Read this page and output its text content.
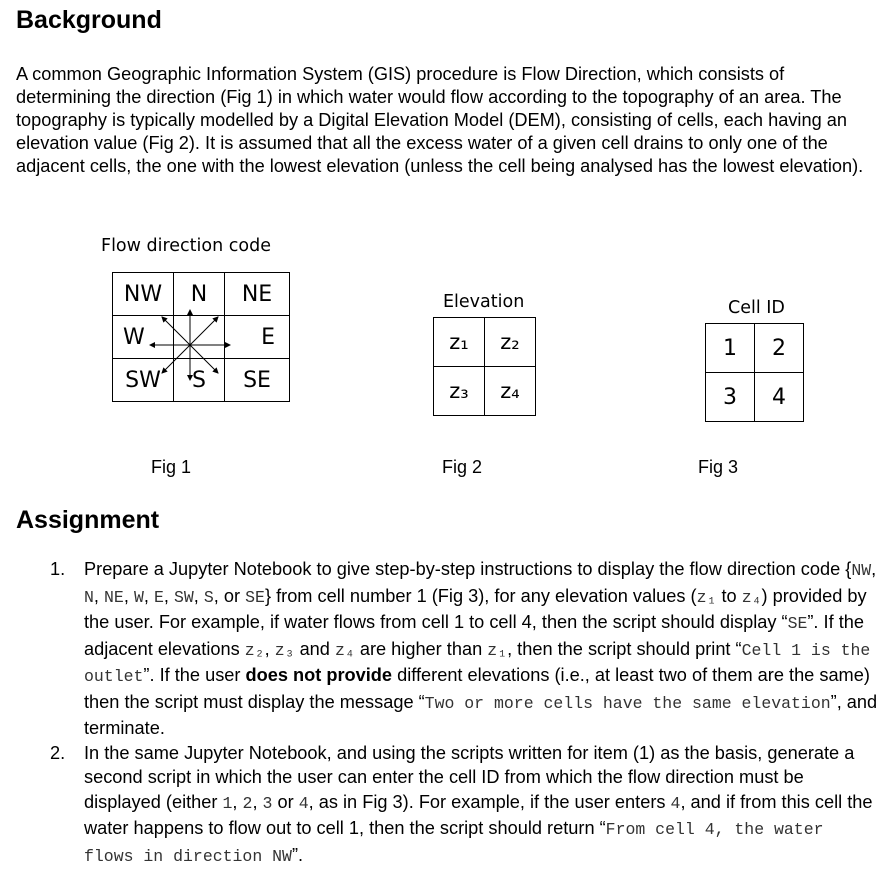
Background
A common Geographic Information System (GIS) procedure is Flow Direction, which consists of determining the direction (Fig 1) in which water would flow according to the topography of an area. The topography is typically modelled by a Digital Elevation Model (DEM), consisting of cells, each having an elevation value (Fig 2). It is assumed that all the excess water of a given cell drains to only one of the adjacent cells, the one with the lowest elevation (unless the cell being analysed has the lowest elevation).
Flow direction code
NW	N	NE
W		E
SW	S	SE
Fig 1
Elevation
z₁	z₂
z₃	z₄
Fig 2
Cell ID
1	2
3	4
Fig 3
Assignment
1. Prepare a Jupyter Notebook to give step-by-step instructions to display the flow direction code {NW, N, NE, W, E, SW, S, or SE} from cell number 1 (Fig 3), for any elevation values (z₁ to z₄) provided by the user. For example, if water flows from cell 1 to cell 4, then the script should display “SE”. If the adjacent elevations z₂, z₃ and z₄ are higher than z₁, then the script should print “Cell 1 is the outlet”. If the user does not provide different elevations (i.e., at least two of them are the same) then the script must display the message “Two or more cells have the same elevation”, and terminate.
2. In the same Jupyter Notebook, and using the scripts written for item (1) as the basis, generate a second script in which the user can enter the cell ID from which the flow direction must be displayed (either 1, 2, 3 or 4, as in Fig 3). For example, if the user enters 4, and if from this cell the water happens to flow out to cell 1, then the script should return “From cell 4, the water flows in direction NW”.
